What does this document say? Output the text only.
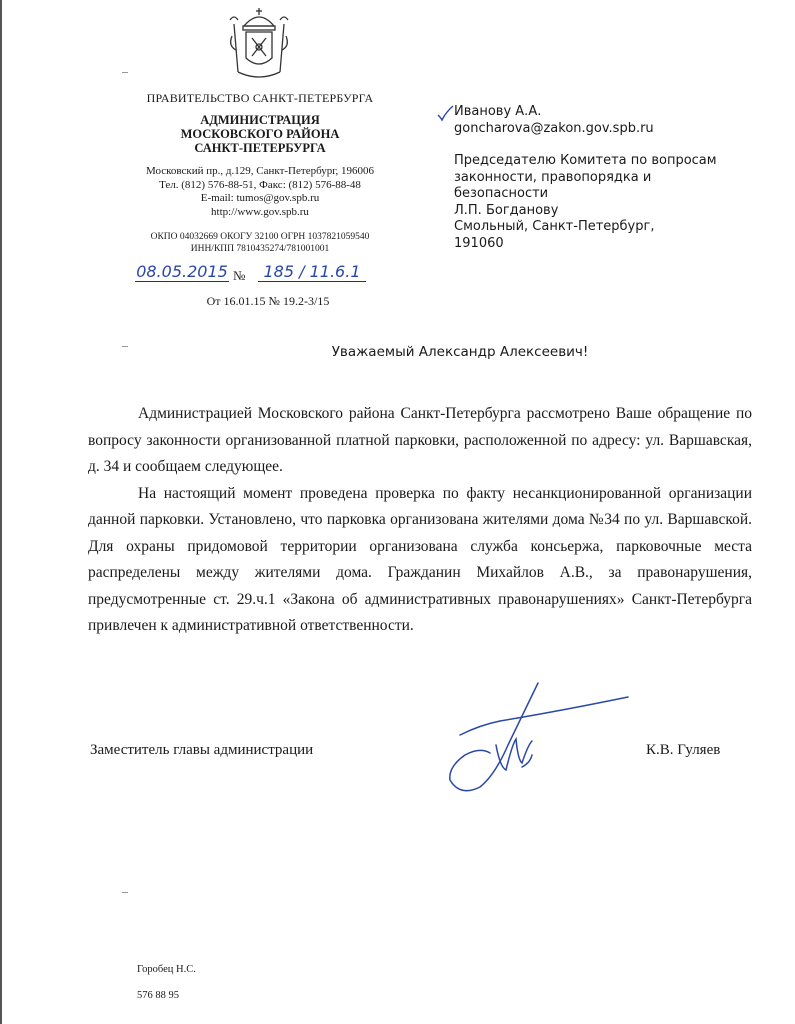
ПРАВИТЕЛЬСТВО САНКТ-ПЕТЕРБУРГА
АДМИНИСТРАЦИЯ
МОСКОВСКОГО РАЙОНА
САНКТ-ПЕТЕРБУРГА
Московский пр., д.129, Санкт-Петербург, 196006
Тел. (812) 576-88-51, Факс: (812) 576-88-48
E-mail: tumos@gov.spb.ru
http://www.gov.spb.ru
ОКПО 04032669 ОКОГУ 32100 ОГРН 1037821059540
ИНН/КПП 7810435274/781001001
08.05.2015 №	185 / 11.6.1
От 16.01.15 № 19.2-3/15
Иванову А.А.
goncharova@zakon.gov.spb.ru
Председателю Комитета по вопросам
законности, правопорядка и
безопасности
Л.П. Богданову
Смольный, Санкт-Петербург,
191060
Уважаемый Александр Алексеевич!

Администрацией Московского района Санкт-Петербурга рассмотрено Ваше обращение по вопросу законности организованной платной парковки, расположенной по адресу: ул. Варшавская, д. 34 и сообщаем следующее.

На настоящий момент проведена проверка по факту несанкционированной организации данной парковки. Установлено, что парковка организована жителями дома №34 по ул. Варшавской. Для охраны придомовой территории организована служба консьержа, парковочные места распределены между жителями дома. Гражданин Михайлов А.В., за правонарушения, предусмотренные ст. 29.ч.1 «Закона об административных правонарушениях» Санкт-Петербурга привлечен к административной ответственности.

Заместитель главы администрации	К.В. Гуляев
Горобец Н.С.
576 88 95
